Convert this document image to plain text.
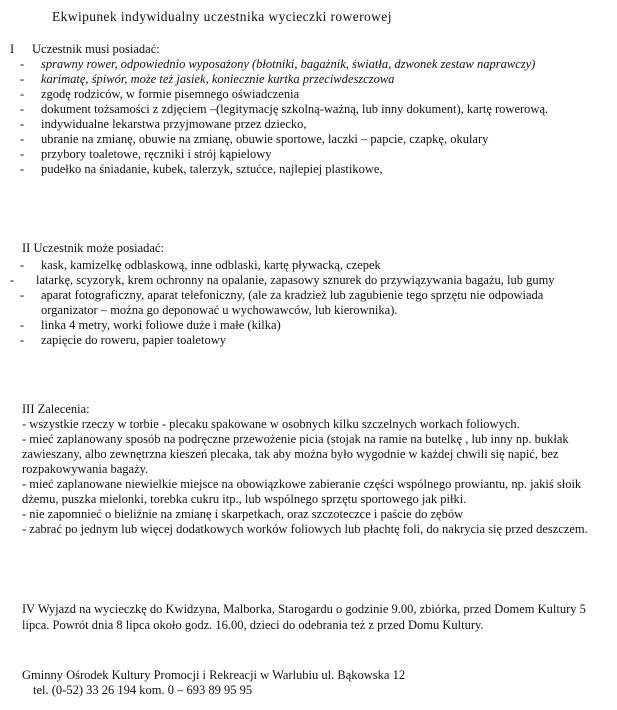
Ekwipunek indywidualny uczestnika wycieczki rowerowej
I Uczestnik musi posiadać:
- sprawny rower, odpowiednio wyposażony (błotniki, bagażnik, światła, dzwonek zestaw naprawczy)
- karimatę, śpiwór, może też jasiek, koniecznie kurtka przeciwdeszczowa
- zgodę rodziców, w formie pisemnego oświadczenia
- dokument tożsamości z zdjęciem –(legitymację szkolną-ważną, lub inny dokument), kartę rowerową.
- indywidualne lekarstwa przyjmowane przez dziecko,
- ubranie na zmianę, obuwie na zmianę, obuwie sportowe, laczki – papcie, czapkę, okulary
- przybory toaletowe, ręczniki i strój kąpielowy
- pudełko na śniadanie, kubek, talerzyk, sztućce, najlepiej plastikowe,
II Uczestnik może posiadać:
- kask, kamizelkę odblaskową, inne odblaski, kartę pływacką, czepek
- latarkę, scyzoryk, krem ochronny na opalanie, zapasowy sznurek do przywiązywania bagażu, lub gumy
- aparat fotograficzny, aparat telefoniczny, (ale za kradzież lub zagubienie tego sprzętu nie odpowiada organizator – można go deponować u wychowawców, lub kierownika).
- linka 4 metry, worki foliowe duże i małe (kilka)
- zapięcie do roweru, papier toaletowy
III Zalecenia:
- wszystkie rzeczy w torbie - plecaku spakowane w osobnych kilku szczelnych workach foliowych.
- mieć zaplanowany sposób na podręczne przewożenie picia (stojak na ramie na butelkę , lub inny np. bukłak zawieszany, albo zewnętrzna kieszeń plecaka, tak aby można było wygodnie w każdej chwili się napić, bez rozpakowywania bagaży.
- mieć zaplanowane niewielkie miejsce na obowiązkowe zabieranie części wspólnego prowiantu, np. jakiś słoik dżemu, puszka mielonki, torebka cukru itp., lub wspólnego sprzętu sportowego jak piłki.
- nie zapomnieć o bieliźnie na zmianę i skarpetkach, oraz szczoteczce i paście do zębów
- zabrać po jednym lub więcej dodatkowych worków foliowych lub płachtę foli, do nakrycia się przed deszczem.
IV Wyjazd na wycieczkę do Kwidzyna, Malborka, Starogardu o godzinie 9.00, zbiórka, przed Domem Kultury 5 lipca. Powrót dnia 8 lipca około godz. 16.00, dzieci do odebrania też z przed Domu Kultury.
Gminny Ośrodek Kultury Promocji i Rekreacji w Warlubiu ul. Bąkowska 12
tel. (0-52) 33 26 194 kom. 0 – 693 89 95 95
